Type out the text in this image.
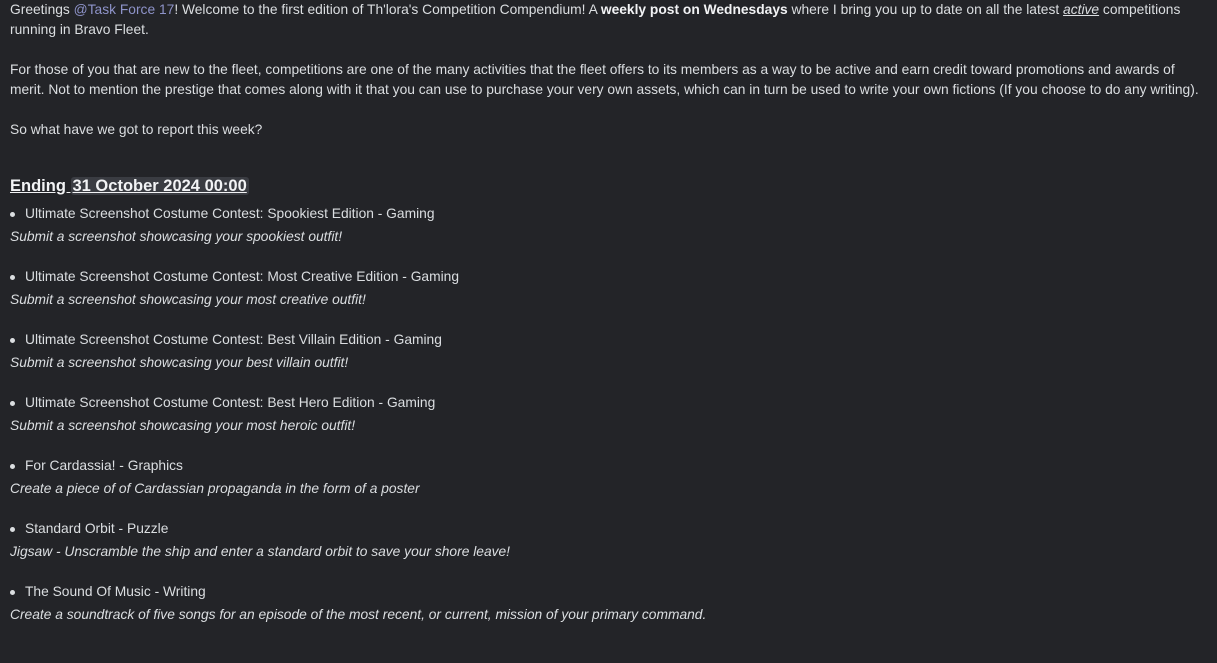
Greetings @Task Force 17! Welcome to the first edition of Th'lora's Competition Compendium! A weekly post on Wednesdays where I bring you up to date on all the latest active competitions running in Bravo Fleet.

For those of you that are new to the fleet, competitions are one of the many activities that the fleet offers to its members as a way to be active and earn credit toward promotions and awards of merit. Not to mention the prestige that comes along with it that you can use to purchase your very own assets, which can in turn be used to write your own fictions (If you choose to do any writing).

So what have we got to report this week?

Ending 31 October 2024 00:00
Ultimate Screenshot Costume Contest: Spookiest Edition - Gaming
Submit a screenshot showcasing your spookiest outfit!
Ultimate Screenshot Costume Contest: Most Creative Edition - Gaming
Submit a screenshot showcasing your most creative outfit!
Ultimate Screenshot Costume Contest: Best Villain Edition - Gaming
Submit a screenshot showcasing your best villain outfit!
Ultimate Screenshot Costume Contest: Best Hero Edition - Gaming
Submit a screenshot showcasing your most heroic outfit!
For Cardassia! - Graphics
Create a piece of of Cardassian propaganda in the form of a poster
Standard Orbit - Puzzle
Jigsaw - Unscramble the ship and enter a standard orbit to save your shore leave!
The Sound Of Music - Writing
Create a soundtrack of five songs for an episode of the most recent, or current, mission of your primary command.
